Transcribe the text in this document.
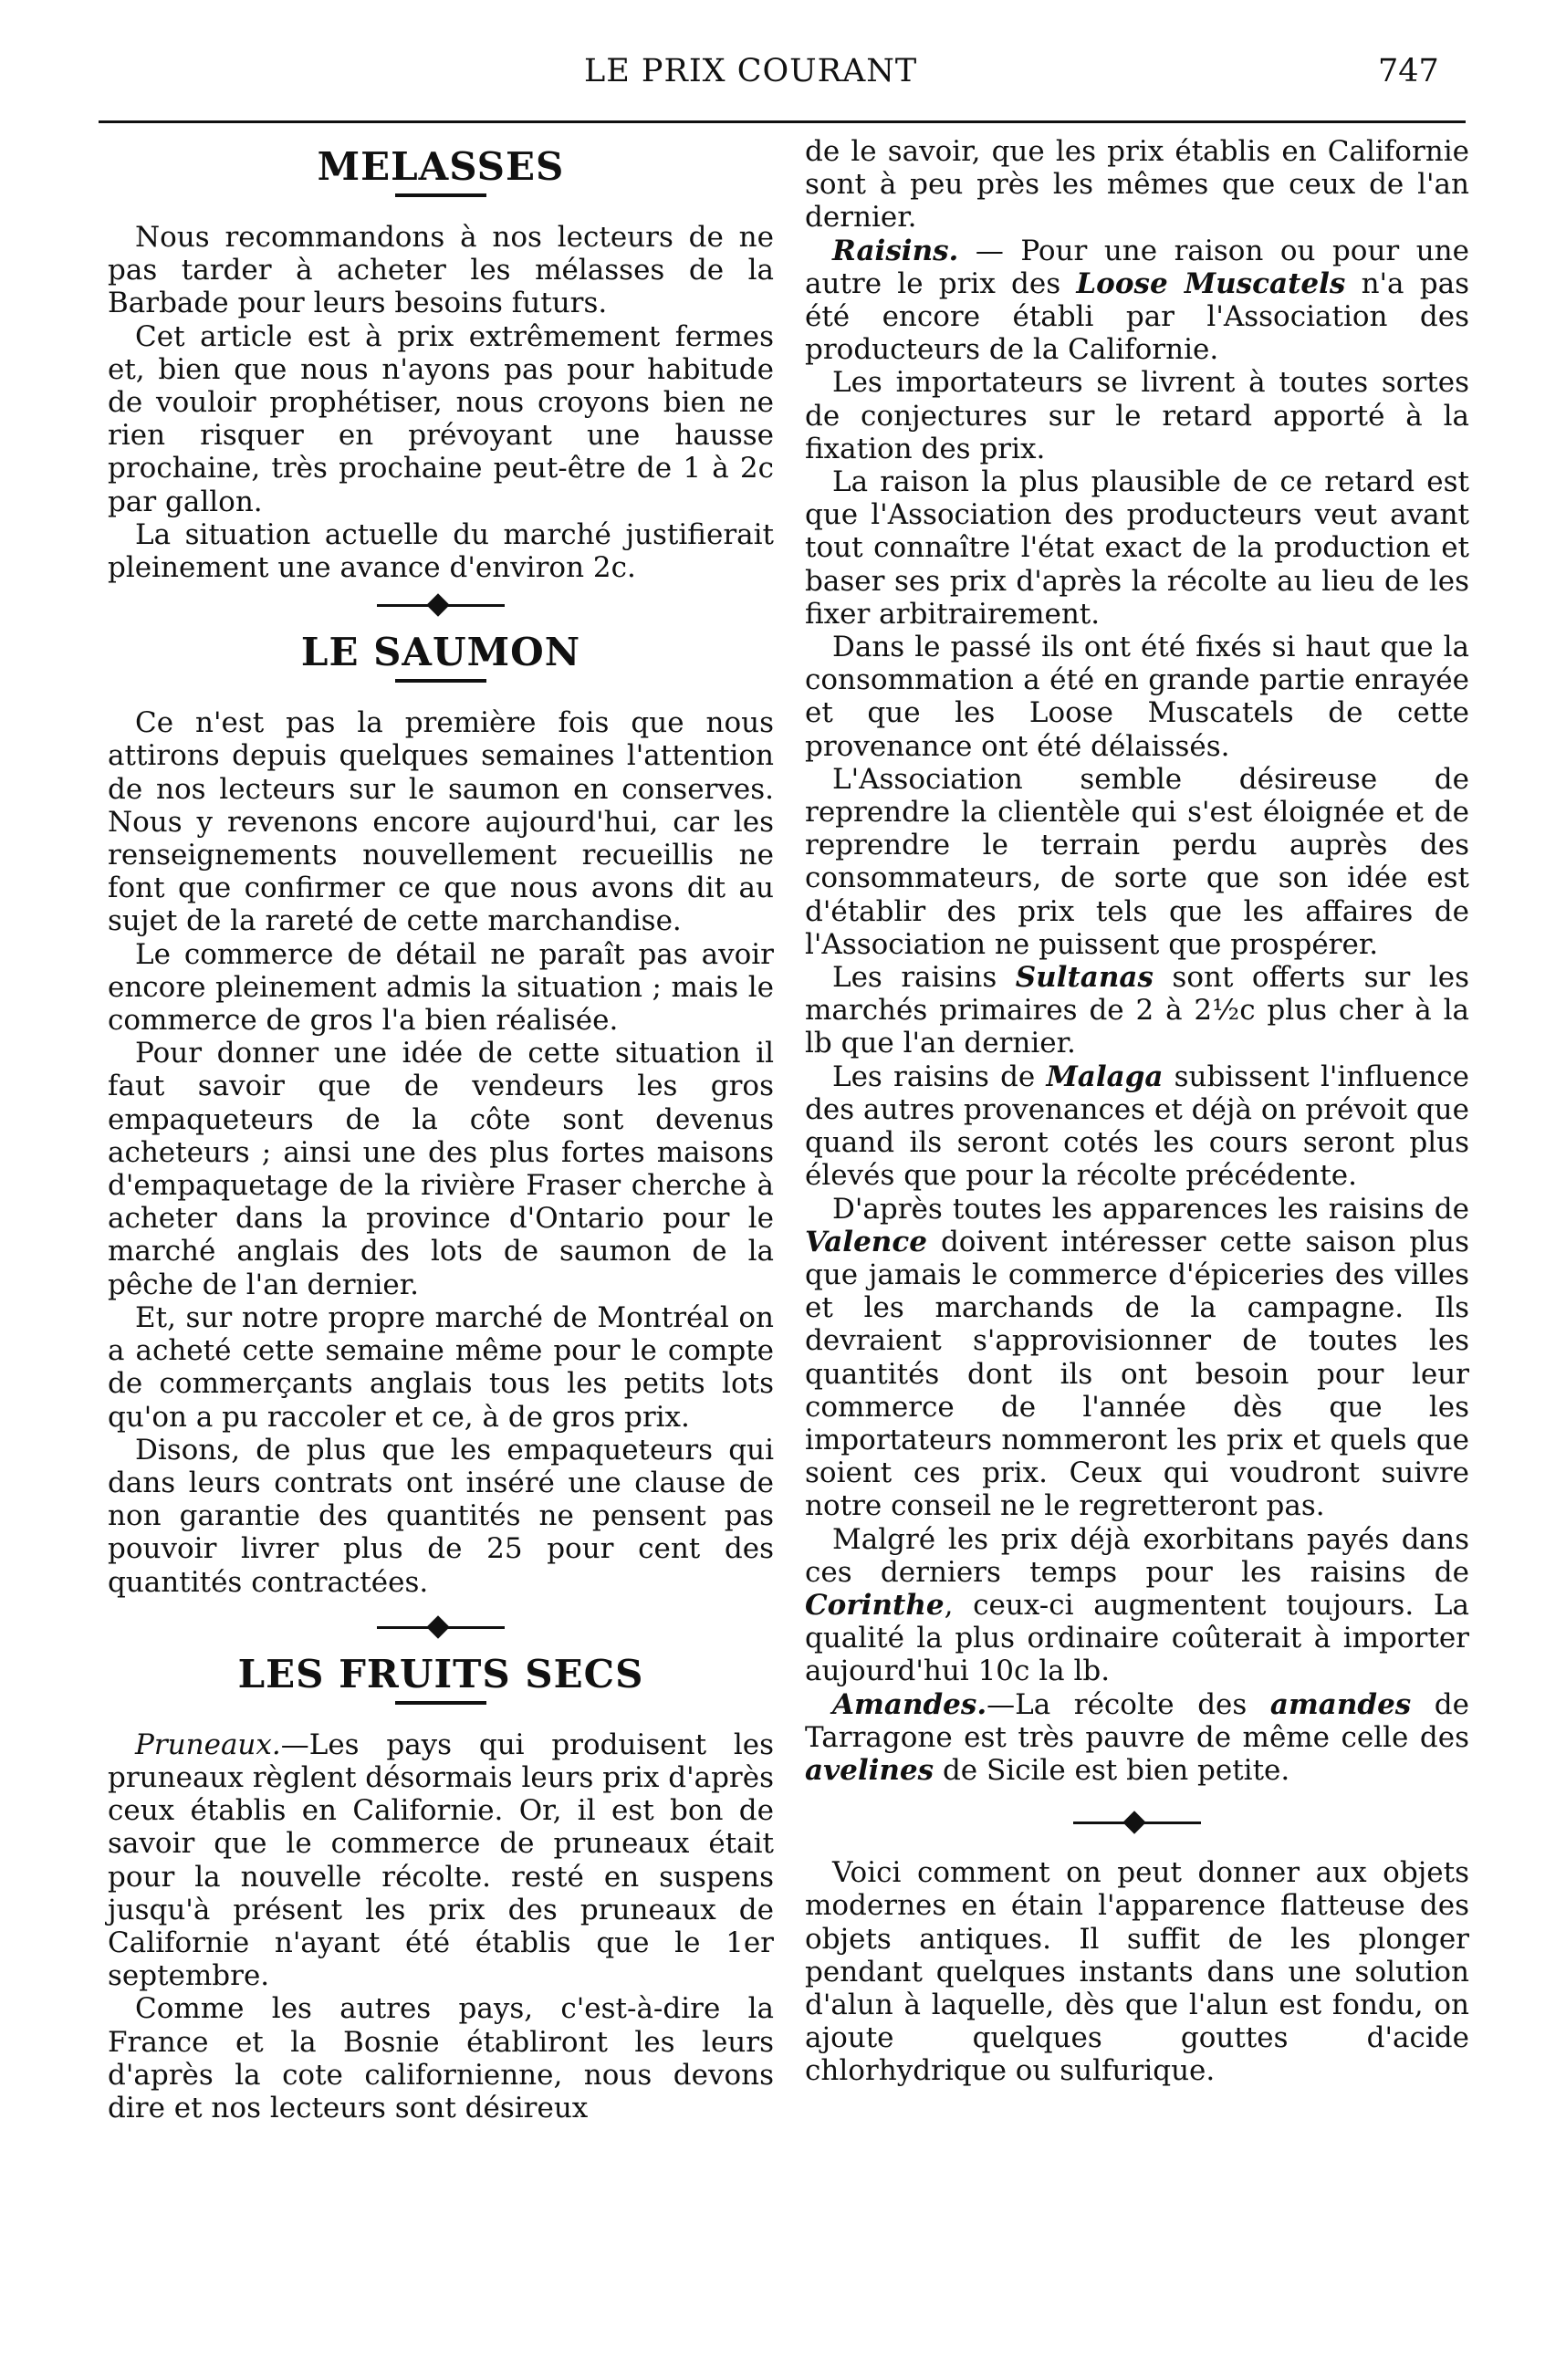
LE PRIX COURANT	747
MELASSES

Nous recommandons à nos lecteurs de ne pas tarder à acheter les mélasses de la Barbade pour leurs besoins futurs.

Cet article est à prix extrêmement fermes et, bien que nous n'ayons pas pour habitude de vouloir prophétiser, nous croyons bien ne rien risquer en prévoyant une hausse prochaine, très prochaine peut-être de 1 à 2c par gallon.

La situation actuelle du marché justifierait pleinement une avance d'environ 2c.

LE SAUMON

Ce n'est pas la première fois que nous attirons depuis quelques semaines l'attention de nos lecteurs sur le saumon en conserves. Nous y revenons encore aujourd'hui, car les renseignements nouvellement recueillis ne font que confirmer ce que nous avons dit au sujet de la rareté de cette marchandise.

Le commerce de détail ne paraît pas avoir encore pleinement admis la situation ; mais le commerce de gros l'a bien réalisée.

Pour donner une idée de cette situation il faut savoir que de vendeurs les gros empaqueteurs de la côte sont devenus acheteurs ; ainsi une des plus fortes maisons d'empaquetage de la rivière Fraser cherche à acheter dans la province d'Ontario pour le marché anglais des lots de saumon de la pêche de l'an dernier.

Et, sur notre propre marché de Montréal on a acheté cette semaine même pour le compte de commerçants anglais tous les petits lots qu'on a pu raccoler et ce, à de gros prix.

Disons, de plus que les empaqueteurs qui dans leurs contrats ont inséré une clause de non garantie des quantités ne pensent pas pouvoir livrer plus de 25 pour cent des quantités contractées.

LES FRUITS SECS

Pruneaux.—Les pays qui produisent les pruneaux règlent désormais leurs prix d'après ceux établis en Californie. Or, il est bon de savoir que le commerce de pruneaux était pour la nouvelle récolte. resté en suspens jusqu'à présent les prix des pruneaux de Californie n'ayant été établis que le 1er septembre.

Comme les autres pays, c'est-à-dire la France et la Bosnie établiront les leurs d'après la cote californienne, nous devons dire et nos lecteurs sont désireux

de le savoir, que les prix établis en Californie sont à peu près les mêmes que ceux de l'an dernier.

Raisins. — Pour une raison ou pour une autre le prix des Loose Muscatels n'a pas été encore établi par l'Association des producteurs de la Californie.

Les importateurs se livrent à toutes sortes de conjectures sur le retard apporté à la fixation des prix.

La raison la plus plausible de ce retard est que l'Association des producteurs veut avant tout connaître l'état exact de la production et baser ses prix d'après la récolte au lieu de les fixer arbitrairement.

Dans le passé ils ont été fixés si haut que la consommation a été en grande partie enrayée et que les Loose Muscatels de cette provenance ont été délaissés.

L'Association semble désireuse de reprendre la clientèle qui s'est éloignée et de reprendre le terrain perdu auprès des consommateurs, de sorte que son idée est d'établir des prix tels que les affaires de l'Association ne puissent que prospérer.

Les raisins Sultanas sont offerts sur les marchés primaires de 2 à 2½c plus cher à la lb que l'an dernier.

Les raisins de Malaga subissent l'influence des autres provenances et déjà on prévoit que quand ils seront cotés les cours seront plus élevés que pour la récolte précédente.

D'après toutes les apparences les raisins de Valence doivent intéresser cette saison plus que jamais le commerce d'épiceries des villes et les marchands de la campagne. Ils devraient s'approvisionner de toutes les quantités dont ils ont besoin pour leur commerce de l'année dès que les importateurs nommeront les prix et quels que soient ces prix. Ceux qui voudront suivre notre conseil ne le regretteront pas.

Malgré les prix déjà exorbitans payés dans ces derniers temps pour les raisins de Corinthe, ceux-ci augmentent toujours. La qualité la plus ordinaire coûterait à importer aujourd'hui 10c la lb.

Amandes.—La récolte des amandes de Tarragone est très pauvre de même celle des avelines de Sicile est bien petite.

Voici comment on peut donner aux objets modernes en étain l'apparence flatteuse des objets antiques. Il suffit de les plonger pendant quelques instants dans une solution d'alun à laquelle, dès que l'alun est fondu, on ajoute quelques gouttes d'acide chlorhydrique ou sulfurique.
